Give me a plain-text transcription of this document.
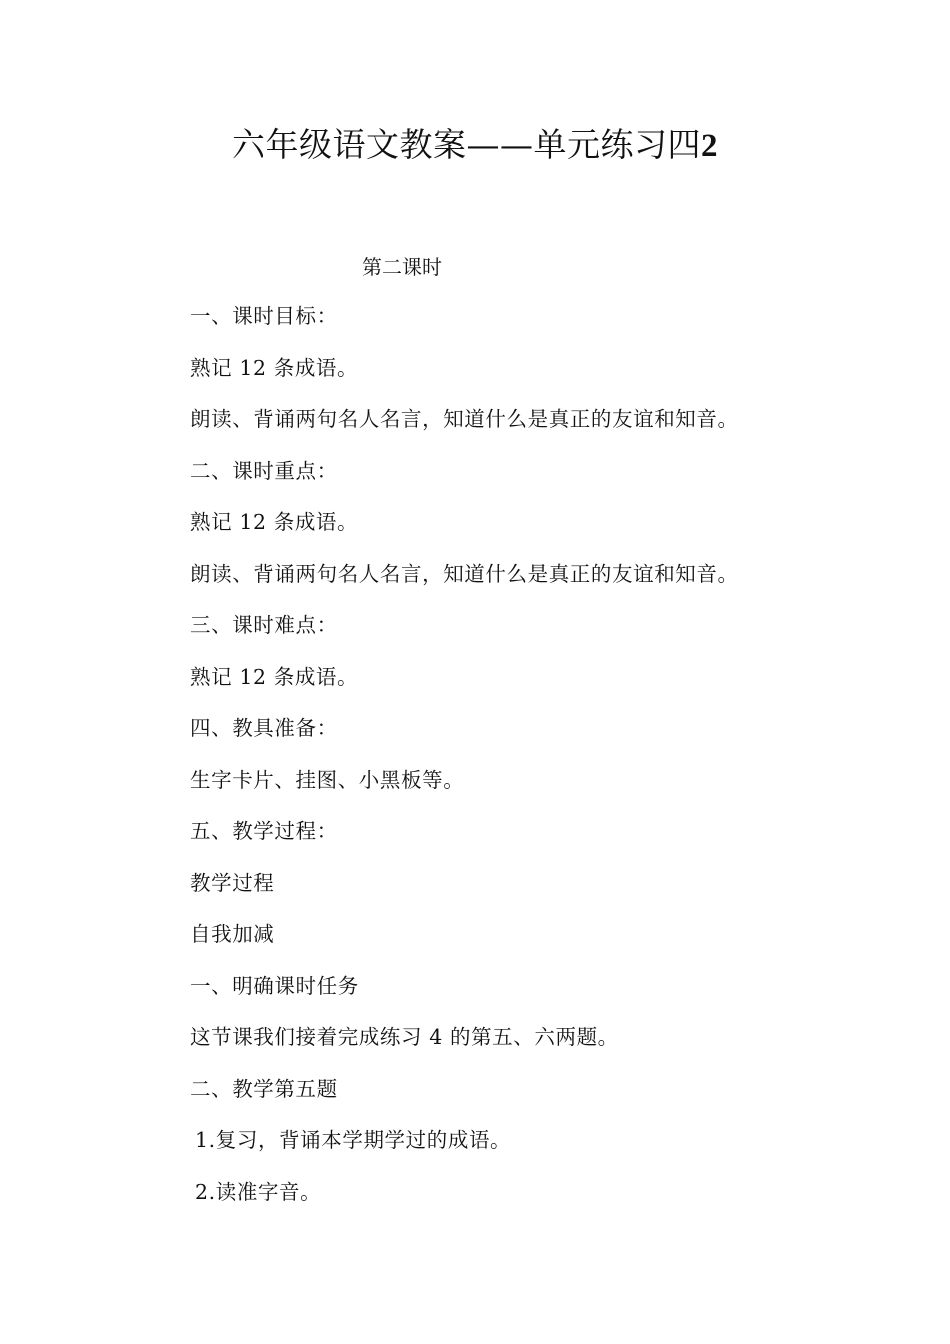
六年级语文教案——单元练习四2

第二课时

一、课时目标：
熟记 12 条成语。
朗读、背诵两句名人名言，知道什么是真正的友谊和知音。
二、课时重点：
熟记 12 条成语。
朗读、背诵两句名人名言，知道什么是真正的友谊和知音。
三、课时难点：
熟记 12 条成语。
四、教具准备：
生字卡片、挂图、小黑板等。
五、教学过程：
教学过程
自我加减
一、明确课时任务
这节课我们接着完成练习 4 的第五、六两题。
二、教学第五题
1.复习，背诵本学期学过的成语。
2.读准字音。
